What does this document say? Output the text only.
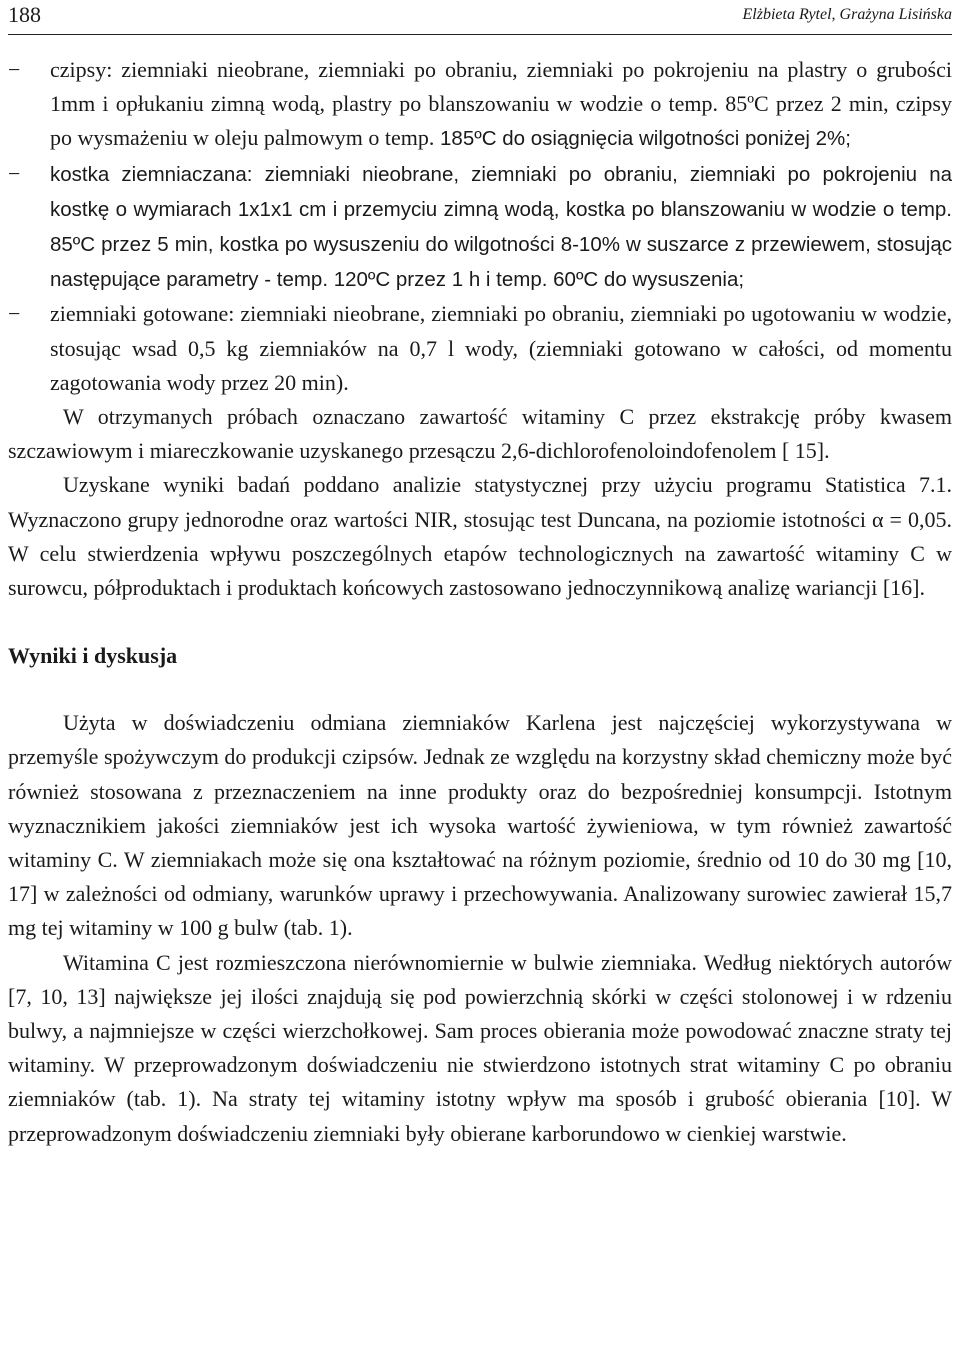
188	Elżbieta Rytel, Grażyna Lisińska
−	czipsy: ziemniaki nieobrane, ziemniaki po obraniu, ziemniaki po pokrojeniu na plastry o grubości 1mm i opłukaniu zimną wodą, plastry po blanszowaniu w wodzie o temp. 85ºC przez 2 min, czipsy po wysmażeniu w oleju palmowym o temp. 185ºC do osiągnięcia wilgotności poniżej 2%;
−	kostka ziemniaczana: ziemniaki nieobrane, ziemniaki po obraniu, ziemniaki po pokrojeniu na kostkę o wymiarach 1x1x1 cm i przemyciu zimną wodą, kostka po blanszowaniu w wodzie o temp. 85ºC przez 5 min, kostka po wysuszeniu do wilgotności 8-10% w suszarce z przewiewem, stosując następujące parametry - temp. 120ºC przez 1 h i temp. 60ºC do wysuszenia;
−	ziemniaki gotowane: ziemniaki nieobrane, ziemniaki po obraniu, ziemniaki po ugotowaniu w wodzie, stosując wsad 0,5 kg ziemniaków na 0,7 l wody, (ziemniaki gotowano w całości, od momentu zagotowania wody przez 20 min).

W otrzymanych próbach oznaczano zawartość witaminy C przez ekstrakcję próby kwasem szczawiowym i miareczkowanie uzyskanego przesączu 2,6-dichlorofenoloindofenolem [ 15].

Uzyskane wyniki badań poddano analizie statystycznej przy użyciu programu Statistica 7.1. Wyznaczono grupy jednorodne oraz wartości NIR, stosując test Duncana, na poziomie istotności α = 0,05. W celu stwierdzenia wpływu poszczególnych etapów technologicznych na zawartość witaminy C w surowcu, półproduktach i produktach końcowych zastosowano jednoczynnikową analizę wariancji [16].

Wyniki i dyskusja

Użyta w doświadczeniu odmiana ziemniaków Karlena jest najczęściej wykorzystywana w przemyśle spożywczym do produkcji czipsów. Jednak ze względu na korzystny skład chemiczny może być również stosowana z przeznaczeniem na inne produkty oraz do bezpośredniej konsumpcji. Istotnym wyznacznikiem jakości ziemniaków jest ich wysoka wartość żywieniowa, w tym również zawartość witaminy C. W ziemniakach może się ona kształtować na różnym poziomie, średnio od 10 do 30 mg [10, 17] w zależności od odmiany, warunków uprawy i przechowywania. Analizowany surowiec zawierał 15,7 mg tej witaminy w 100 g bulw (tab. 1).

Witamina C jest rozmieszczona nierównomiernie w bulwie ziemniaka. Według niektórych autorów [7, 10, 13] największe jej ilości znajdują się pod powierzchnią skórki w części stolonowej i w rdzeniu bulwy, a najmniejsze w części wierzchołkowej. Sam proces obierania może powodować znaczne straty tej witaminy. W przeprowadzonym doświadczeniu nie stwierdzono istotnych strat witaminy C po obraniu ziemniaków (tab. 1). Na straty tej witaminy istotny wpływ ma sposób i grubość obierania [10]. W przeprowadzonym doświadczeniu ziemniaki były obierane karborundowo w cienkiej warstwie.
